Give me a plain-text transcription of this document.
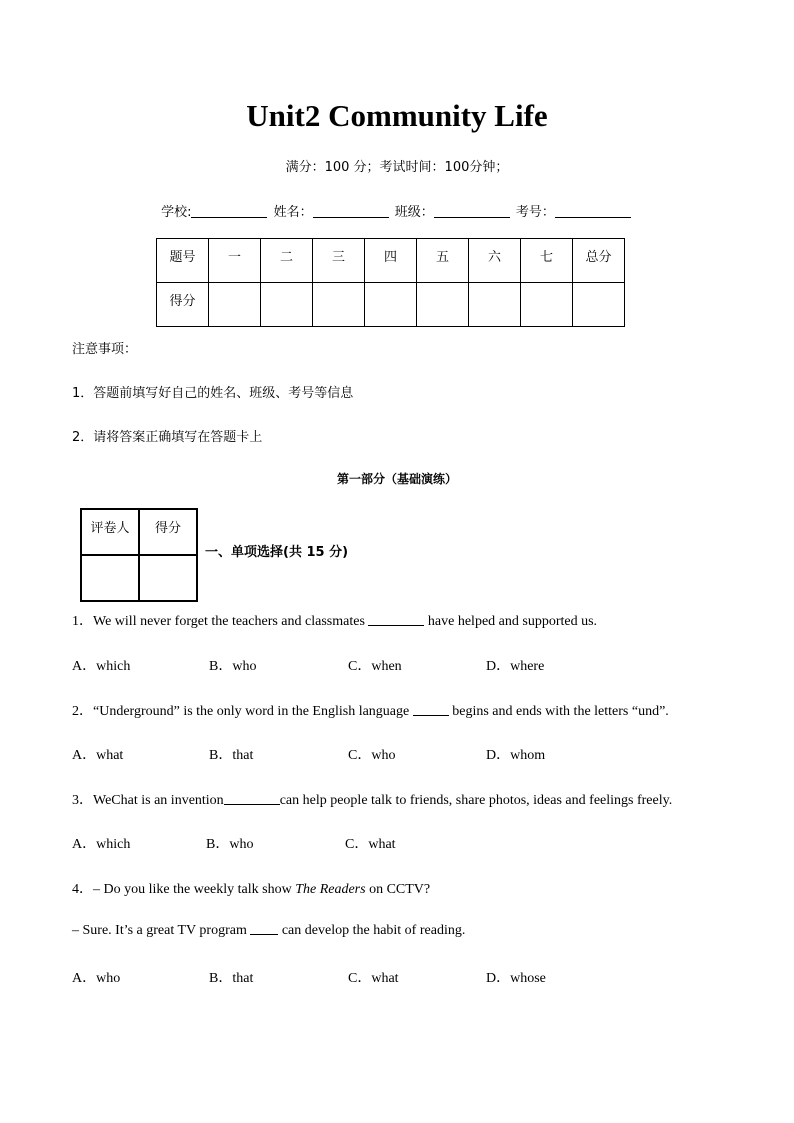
Unit2 Community Life
满分：100 分；考试时间：100分钟；
学校:	姓名：	班级：	考号：
题号	一	二	三	四	五	六	七	总分
得分								
注意事项：
1．答题前填写好自己的姓名、班级、考号等信息
2．请将答案正确填写在答题卡上
第一部分（基础演练）
评卷人	得分

一、单项选择(共 15 分)
1．We will never forget the teachers and classmates	have helped and supported us.
A．which	B．who	C．when	D．where
2．“Underground” is the only word in the English language	begins and ends with the letters “und”.
A．what	B．that	C．who	D．whom
3．WeChat is an invention	can help people talk to friends, share photos, ideas and feelings freely.
A．which	B．who	C．what
4．– Do you like the weekly talk show The Readers on CCTV?
– Sure. It’s a great TV program  can develop the habit of reading.
A．who	B．that	C．what	D．whose
